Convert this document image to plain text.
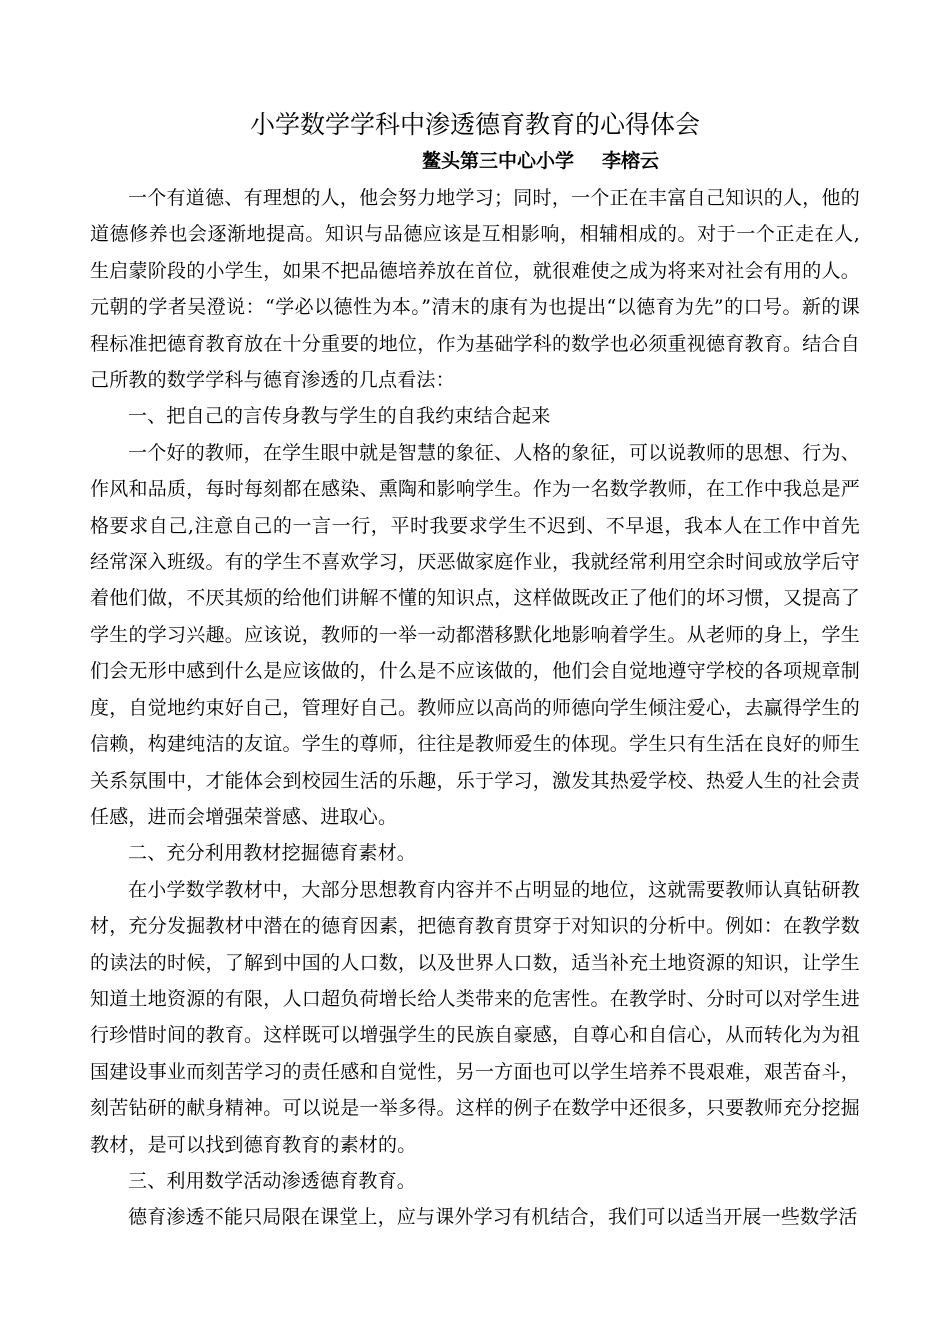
小学数学学科中渗透德育教育的心得体会
鳌头第三中心小学 李榕云

一个有道德、有理想的人，他会努力地学习；同时，一个正在丰富自己知识的人，他的道德修养也会逐渐地提高。知识与品德应该是互相影响，相辅相成的。对于一个正走在人,生启蒙阶段的小学生，如果不把品德培养放在首位，就很难使之成为将来对社会有用的人。元朝的学者吴澄说：“学必以德性为本。”清末的康有为也提出“以德育为先”的口号。新的课程标准把德育教育放在十分重要的地位，作为基础学科的数学也必须重视德育教育。结合自己所教的数学学科与德育渗透的几点看法：

一、把自己的言传身教与学生的自我约束结合起来

一个好的教师，在学生眼中就是智慧的象征、人格的象征，可以说教师的思想、行为、作风和品质，每时每刻都在感染、熏陶和影响学生。作为一名数学教师，在工作中我总是严格要求自己,注意自己的一言一行，平时我要求学生不迟到、不早退，我本人在工作中首先经常深入班级。有的学生不喜欢学习，厌恶做家庭作业，我就经常利用空余时间或放学后守着他们做，不厌其烦的给他们讲解不懂的知识点，这样做既改正了他们的坏习惯，又提高了学生的学习兴趣。应该说，教师的一举一动都潜移默化地影响着学生。从老师的身上，学生们会无形中感到什么是应该做的，什么是不应该做的，他们会自觉地遵守学校的各项规章制度，自觉地约束好自己，管理好自己。教师应以高尚的师德向学生倾注爱心，去赢得学生的信赖，构建纯洁的友谊。学生的尊师，往往是教师爱生的体现。学生只有生活在良好的师生关系氛围中，才能体会到校园生活的乐趣，乐于学习，激发其热爱学校、热爱人生的社会责任感，进而会增强荣誉感、进取心。

二、充分利用教材挖掘德育素材。

在小学数学教材中，大部分思想教育内容并不占明显的地位，这就需要教师认真钻研教材，充分发掘教材中潜在的德育因素，把德育教育贯穿于对知识的分析中。例如：在教学数的读法的时候，了解到中国的人口数，以及世界人口数，适当补充土地资源的知识，让学生知道土地资源的有限，人口超负荷增长给人类带来的危害性。在教学时、分时可以对学生进行珍惜时间的教育。这样既可以增强学生的民族自豪感，自尊心和自信心，从而转化为为祖国建设事业而刻苦学习的责任感和自觉性，另一方面也可以学生培养不畏艰难，艰苦奋斗，刻苦钻研的献身精神。可以说是一举多得。这样的例子在数学中还很多，只要教师充分挖掘教材，是可以找到德育教育的素材的。

三、利用数学活动渗透德育教育。

德育渗透不能只局限在课堂上，应与课外学习有机结合，我们可以适当开展一些数学活
